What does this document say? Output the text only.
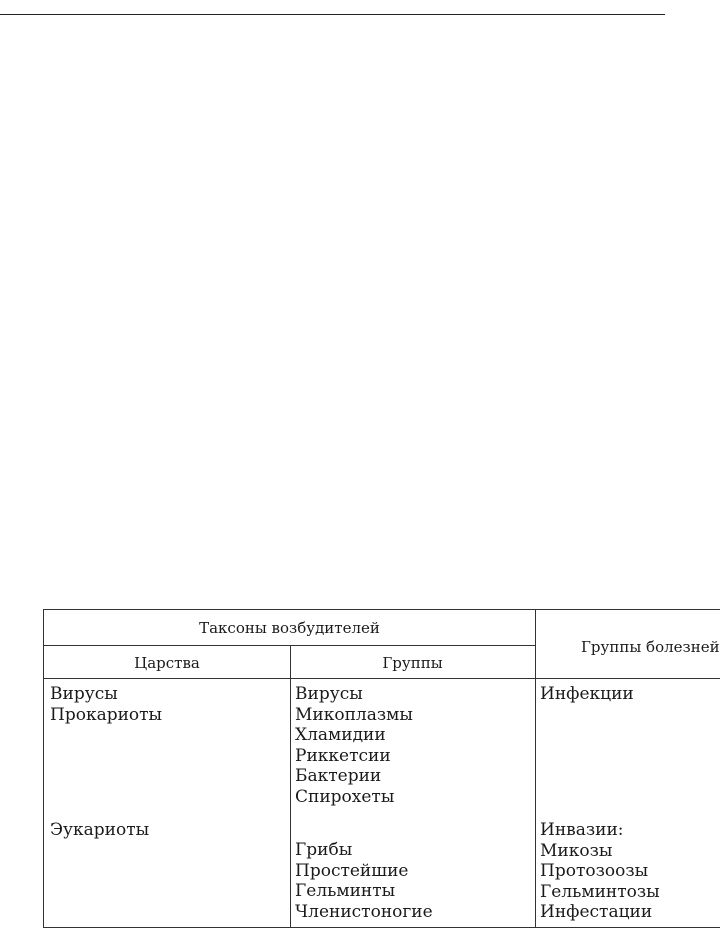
Таксоны возбудителей
Царства	Группы
Группы болезней
Вирусы
Прокариоты
Эукариоты
Вирусы
Микоплазмы
Хламидии
Риккетсии
Бактерии
Спирохеты
Грибы
Простейшие
Гельминты
Членистоногие
Инфекции
Инвазии:
Микозы
Протозоозы
Гельминтозы
Инфестации
